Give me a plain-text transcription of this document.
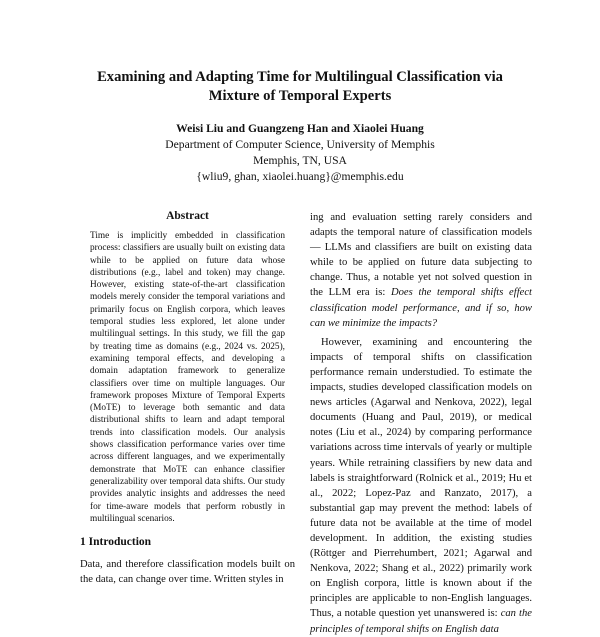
Examining and Adapting Time for Multilingual Classification via
Mixture of Temporal Experts
Weisi Liu and Guangzeng Han and Xiaolei Huang
Department of Computer Science, University of Memphis
Memphis, TN, USA
{wliu9, ghan, xiaolei.huang}@memphis.edu
Abstract
Time is implicitly embedded in classification process: classifiers are usually built on existing data while to be applied on future data whose distributions (e.g., label and token) may change. However, existing state-of-the-art classification models merely consider the temporal variations and primarily focus on English corpora, which leaves temporal studies less explored, let alone under multilingual settings. In this study, we fill the gap by treating time as domains (e.g., 2024 vs. 2025), examining temporal effects, and developing a domain adaptation framework to generalize classifiers over time on multiple languages. Our framework proposes Mixture of Temporal Experts (MoTE) to leverage both semantic and data distributional shifts to learn and adapt temporal trends into classification models. Our analysis shows classification performance varies over time across different languages, and we experimentally demonstrate that MoTE can enhance classifier generalizability over temporal data shifts. Our study provides analytic insights and addresses the need for time-aware models that perform robustly in multilingual scenarios.
1 Introduction
Data, and therefore classification models built on the data, can change over time. Written styles in
ing and evaluation setting rarely considers and adapts the temporal nature of classification models — LLMs and classifiers are built on existing data while to be applied on future data subjecting to change. Thus, a notable yet not solved question in the LLM era is: Does the temporal shifts effect classification model performance, and if so, how can we minimize the impacts?
However, examining and encountering the impacts of temporal shifts on classification performance remain understudied. To estimate the impacts, studies developed classification models on news articles (Agarwal and Nenkova, 2022), legal documents (Huang and Paul, 2019), or medical notes (Liu et al., 2024) by comparing performance variations across time intervals of yearly or multiple years. While retraining classifiers by new data and labels is straightforward (Rolnick et al., 2019; Hu et al., 2022; Lopez-Paz and Ranzato, 2017), a substantial gap may prevent the method: labels of future data not be available at the time of model development. In addition, the existing studies (Röttger and Pierrehumbert, 2021; Agarwal and Nenkova, 2022; Shang et al., 2022) primarily work on English corpora, little is known about if the principles are applicable to non-English languages. Thus, a notable question yet unanswered is: can the principles of temporal shifts on English data
